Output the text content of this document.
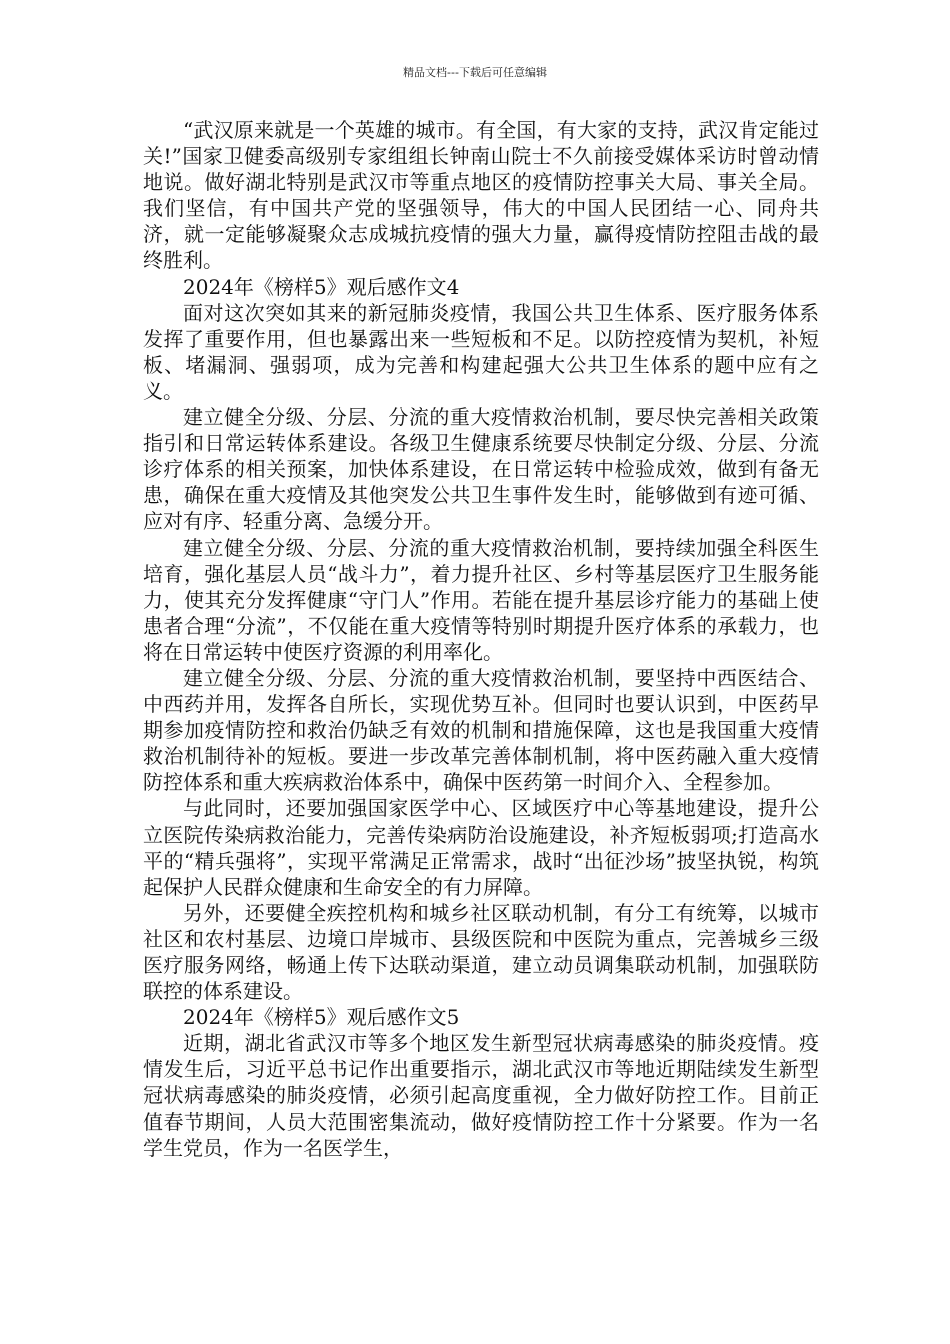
精品文档---下载后可任意编辑

“武汉原来就是一个英雄的城市。有全国，有大家的支持，武汉肯定能过关!”国家卫健委高级别专家组组长钟南山院士不久前接受媒体采访时曾动情地说。做好湖北特别是武汉市等重点地区的疫情防控事关大局、事关全局。我们坚信，有中国共产党的坚强领导，伟大的中国人民团结一心、同舟共济，就一定能够凝聚众志成城抗疫情的强大力量，赢得疫情防控阻击战的最终胜利。

2024年《榜样5》观后感作文4

面对这次突如其来的新冠肺炎疫情，我国公共卫生体系、医疗服务体系发挥了重要作用，但也暴露出来一些短板和不足。以防控疫情为契机，补短板、堵漏洞、强弱项，成为完善和构建起强大公共卫生体系的题中应有之义。

建立健全分级、分层、分流的重大疫情救治机制，要尽快完善相关政策指引和日常运转体系建设。各级卫生健康系统要尽快制定分级、分层、分流诊疗体系的相关预案，加快体系建设，在日常运转中检验成效，做到有备无患，确保在重大疫情及其他突发公共卫生事件发生时，能够做到有迹可循、应对有序、轻重分离、急缓分开。

建立健全分级、分层、分流的重大疫情救治机制，要持续加强全科医生培育，强化基层人员“战斗力”，着力提升社区、乡村等基层医疗卫生服务能力，使其充分发挥健康“守门人”作用。若能在提升基层诊疗能力的基础上使患者合理“分流”，不仅能在重大疫情等特别时期提升医疗体系的承载力，也将在日常运转中使医疗资源的利用率化。

建立健全分级、分层、分流的重大疫情救治机制，要坚持中西医结合、中西药并用，发挥各自所长，实现优势互补。但同时也要认识到，中医药早期参加疫情防控和救治仍缺乏有效的机制和措施保障，这也是我国重大疫情救治机制待补的短板。要进一步改革完善体制机制，将中医药融入重大疫情防控体系和重大疾病救治体系中，确保中医药第一时间介入、全程参加。

与此同时，还要加强国家医学中心、区域医疗中心等基地建设，提升公立医院传染病救治能力，完善传染病防治设施建设，补齐短板弱项;打造高水平的“精兵强将”，实现平常满足正常需求，战时“出征沙场”披坚执锐，构筑起保护人民群众健康和生命安全的有力屏障。

另外，还要健全疾控机构和城乡社区联动机制，有分工有统筹，以城市社区和农村基层、边境口岸城市、县级医院和中医院为重点，完善城乡三级医疗服务网络，畅通上传下达联动渠道，建立动员调集联动机制，加强联防联控的体系建设。

2024年《榜样5》观后感作文5

近期，湖北省武汉市等多个地区发生新型冠状病毒感染的肺炎疫情。疫情发生后，习近平总书记作出重要指示，湖北武汉市等地近期陆续发生新型冠状病毒感染的肺炎疫情，必须引起高度重视，全力做好防控工作。目前正值春节期间，人员大范围密集流动，做好疫情防控工作十分紧要。作为一名学生党员，作为一名医学生，
